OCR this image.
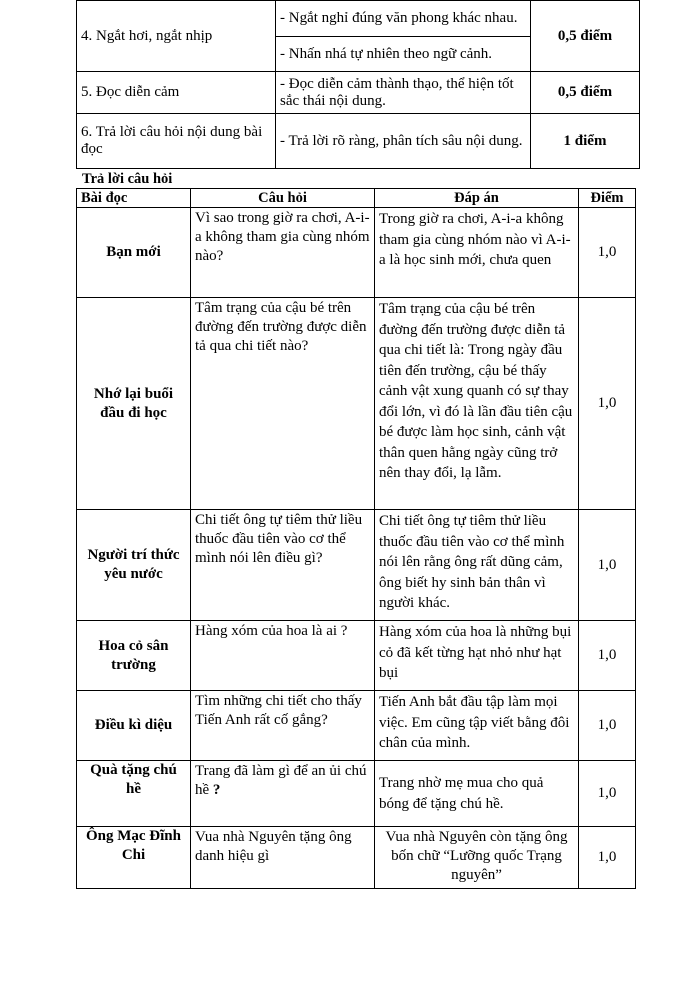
4. Ngắt hơi, ngắt nhịp	- Ngắt nghỉ đúng văn phong khác nhau.	0,5 điểm
	- Nhấn nhá tự nhiên theo ngữ cảnh.	
5. Đọc diễn cảm	- Đọc diễn cảm thành thạo, thể hiện tốt sắc thái nội dung.	0,5 điểm
6. Trả lời câu hỏi nội dung bài đọc	- Trả lời rõ ràng, phân tích sâu nội dung.	1 điểm
Trả lời câu hỏi
Bài đọc	Câu hỏi	Đáp án	Điểm
Bạn mới	Vì sao trong giờ ra chơi, A-i-a không tham gia cùng nhóm nào?	Trong giờ ra chơi, A-i-a không tham gia cùng nhóm nào vì A-i-a là học sinh mới, chưa quen	1,0
Nhớ lại buổi đầu đi học	Tâm trạng của cậu bé trên đường đến trường được diễn tả qua chi tiết nào?	Tâm trạng của cậu bé trên đường đến trường được diễn tả qua chi tiết là: Trong ngày đầu tiên đến trường, cậu bé thấy cảnh vật xung quanh có sự thay đổi lớn, vì đó là lần đầu tiên cậu bé được làm học sinh, cảnh vật thân quen hằng ngày cũng trở nên thay đổi, lạ lẫm.	1,0
Người trí thức yêu nước	Chi tiết ông tự tiêm thử liều thuốc đầu tiên vào cơ thể mình nói lên điều gì?	Chi tiết ông tự tiêm thử liều thuốc đầu tiên vào cơ thể mình nói lên rằng ông rất dũng cảm, ông biết hy sinh bản thân vì người khác.	1,0
Hoa cỏ sân trường	Hàng xóm của hoa là ai ?	Hàng xóm của hoa là những bụi cỏ đã kết từng hạt nhỏ như hạt bụi	1,0
Điều kì diệu	Tìm những chi tiết cho thấy Tiến Anh rất cố gắng?	Tiến Anh bắt đầu tập làm mọi việc. Em cũng tập viết bằng đôi chân của mình.	1,0
Quà tặng chú hề	Trang đã làm gì để an ủi chú hề ?	Trang nhờ mẹ mua cho quả bóng để tặng chú hề.	1,0
Ông Mạc Đĩnh Chi	Vua nhà Nguyên tặng ông danh hiệu gì	Vua nhà Nguyên còn tặng ông bốn chữ “Lưỡng quốc Trạng nguyên”	1,0
